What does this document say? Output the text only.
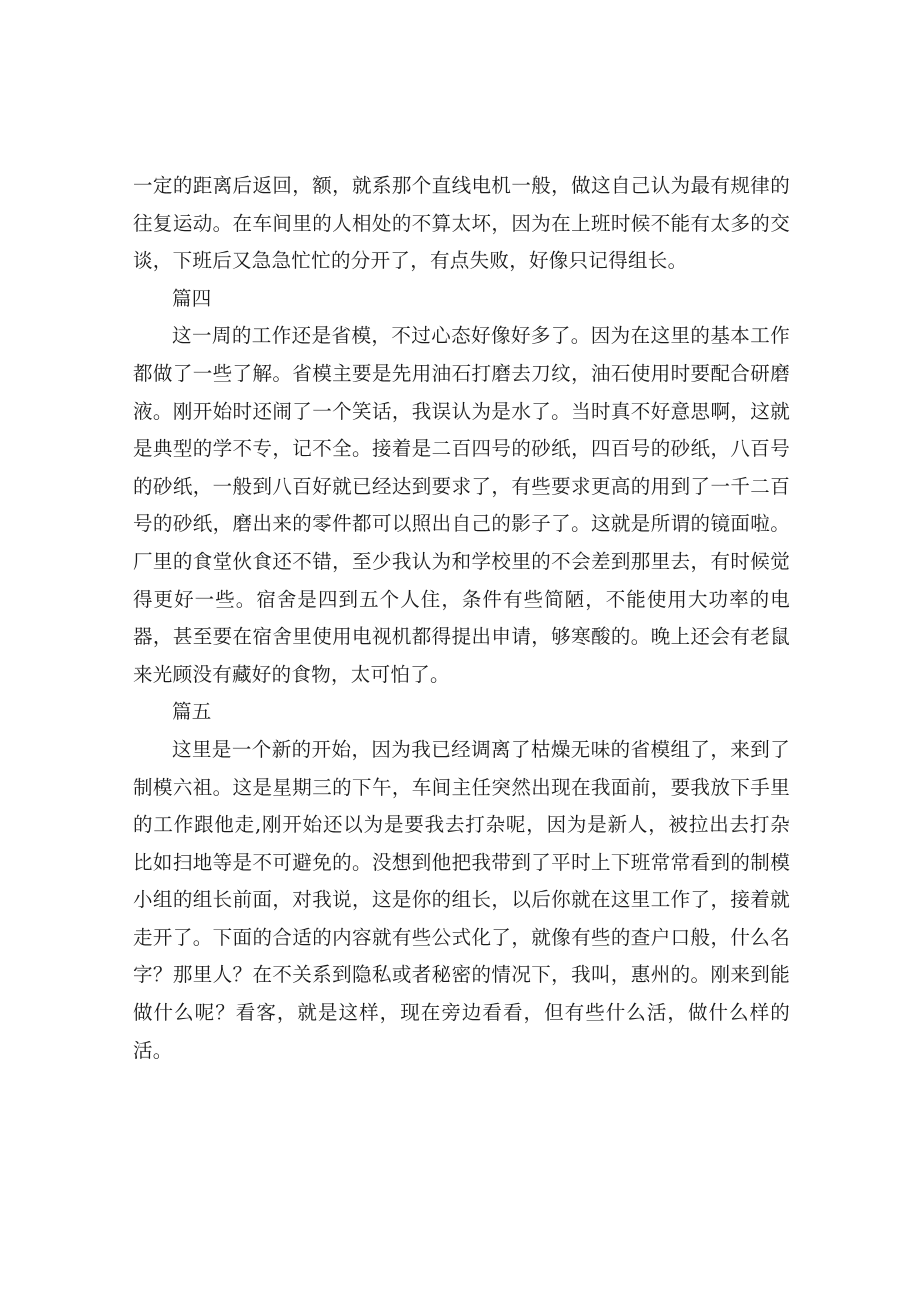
一定的距离后返回，额，就系那个直线电机一般，做这自己认为最有规律的往复运动。在车间里的人相处的不算太坏，因为在上班时候不能有太多的交谈，下班后又急急忙忙的分开了，有点失败，好像只记得组长。

篇四

这一周的工作还是省模，不过心态好像好多了。因为在这里的基本工作都做了一些了解。省模主要是先用油石打磨去刀纹，油石使用时要配合研磨液。刚开始时还闹了一个笑话，我误认为是水了。当时真不好意思啊，这就是典型的学不专，记不全。接着是二百四号的砂纸，四百号的砂纸，八百号的砂纸，一般到八百好就已经达到要求了，有些要求更高的用到了一千二百号的砂纸，磨出来的零件都可以照出自己的影子了。这就是所谓的镜面啦。厂里的食堂伙食还不错，至少我认为和学校里的不会差到那里去，有时候觉得更好一些。宿舍是四到五个人住，条件有些简陋，不能使用大功率的电器，甚至要在宿舍里使用电视机都得提出申请，够寒酸的。晚上还会有老鼠来光顾没有藏好的食物，太可怕了。

篇五

这里是一个新的开始，因为我已经调离了枯燥无味的省模组了，来到了制模六祖。这是星期三的下午，车间主任突然出现在我面前，要我放下手里的工作跟他走,刚开始还以为是要我去打杂呢，因为是新人，被拉出去打杂比如扫地等是不可避免的。没想到他把我带到了平时上下班常常看到的制模小组的组长前面，对我说，这是你的组长，以后你就在这里工作了，接着就走开了。下面的合适的内容就有些公式化了，就像有些的查户口般，什么名字？那里人？在不关系到隐私或者秘密的情况下，我叫，惠州的。刚来到能做什么呢？看客，就是这样，现在旁边看看，但有些什么活，做什么样的活。
